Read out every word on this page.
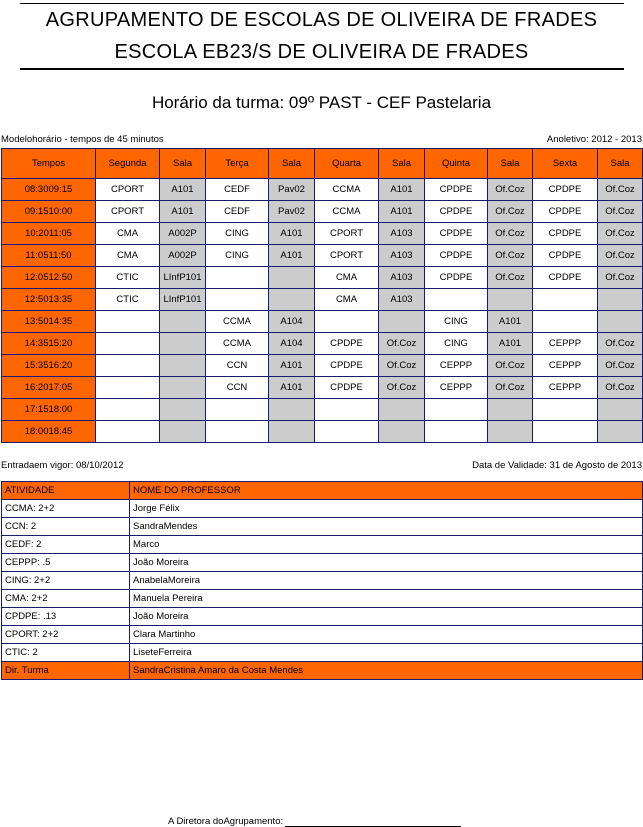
AGRUPAMENTO DE ESCOLAS DE OLIVEIRA DE FRADES
ESCOLA EB23/S DE OLIVEIRA DE FRADES
Horário da turma: 09º PAST - CEF Pastelaria
Modelohorário - tempos de 45 minutos	Anoletivo: 2012 - 2013
Tempos	Segunda	Sala	Terça	Sala	Quarta	Sala	Quinta	Sala	Sexta	Sala
08:3009:15	CPORT	A101	CEDF	Pav02	CCMA	A101	CPDPE	Of.Coz	CPDPE	Of.Coz
09:1510:00	CPORT	A101	CEDF	Pav02	CCMA	A101	CPDPE	Of.Coz	CPDPE	Of.Coz
10:2011:05	CMA	A002P	CING	A101	CPORT	A103	CPDPE	Of.Coz	CPDPE	Of.Coz
11:0511:50	CMA	A002P	CING	A101	CPORT	A103	CPDPE	Of.Coz	CPDPE	Of.Coz
12:0512:50	CTIC	LInfP101			CMA	A103	CPDPE	Of.Coz	CPDPE	Of.Coz
12:5013:35	CTIC	LInfP101			CMA	A103				
13:5014:35			CCMA	A104			CING	A101		
14:3515:20			CCMA	A104	CPDPE	Of.Coz	CING	A101	CEPPP	Of.Coz
15:3516:20			CCN	A101	CPDPE	Of.Coz	CEPPP	Of.Coz	CEPPP	Of.Coz
16:2017:05			CCN	A101	CPDPE	Of.Coz	CEPPP	Of.Coz	CEPPP	Of.Coz
17:1518:00										
18:0018:45										
Entradaem vigor: 08/10/2012	Data de Validade: 31 de Agosto de 2013
ATIVIDADE	NOME DO PROFESSOR
CCMA: 2+2	Jorge Félix
CCN: 2	SandraMendes
CEDF: 2	Marco
CEPPP: .5	João Moreira
CING: 2+2	AnabelaMoreira
CMA: 2+2	Manuela Pereira
CPDPE: .13	João Moreira
CPORT: 2+2	Clara Martinho
CTIC: 2	LiseteFerreira
Dir. Turma	SandraCristina Amaro da Costa Mendes
A Diretora doAgrupamento:
